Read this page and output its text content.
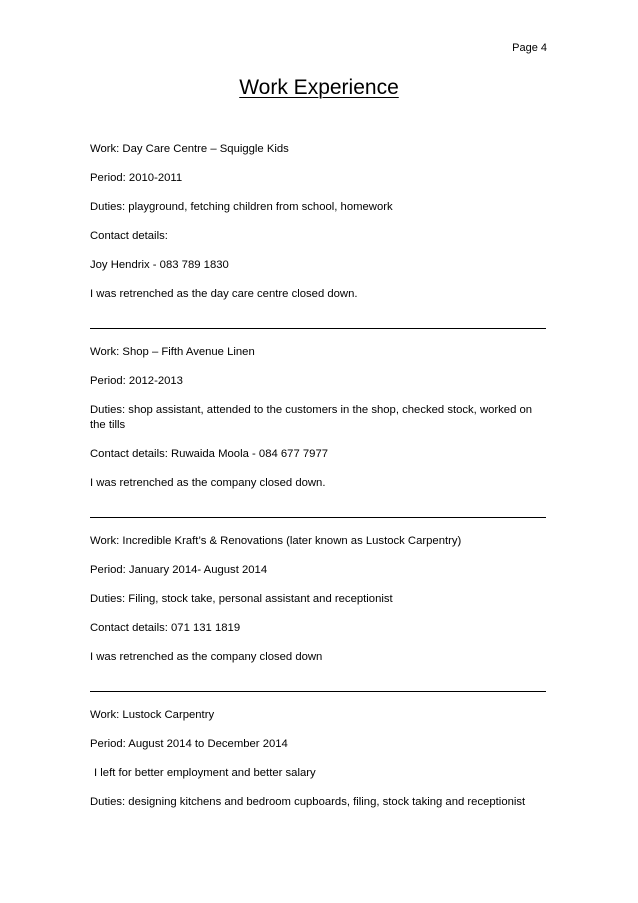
Page 4
Work Experience
Work: Day Care Centre – Squiggle Kids
Period: 2010-2011
Duties: playground, fetching children from school, homework
Contact details:
Joy Hendrix - 083 789 1830
I was retrenched as the day care centre closed down.
Work: Shop – Fifth Avenue Linen
Period: 2012-2013
Duties: shop assistant, attended to the customers in the shop, checked stock, worked on the tills
Contact details: Ruwaida Moola - 084 677 7977
I was retrenched as the company closed down.
Work: Incredible Kraft’s & Renovations (later known as Lustock Carpentry)
Period: January 2014- August 2014
Duties: Filing, stock take, personal assistant and receptionist
Contact details: 071 131 1819
I was retrenched as the company closed down
Work: Lustock Carpentry
Period: August 2014 to December 2014
I left for better employment and better salary
Duties: designing kitchens and bedroom cupboards, filing, stock taking and receptionist
